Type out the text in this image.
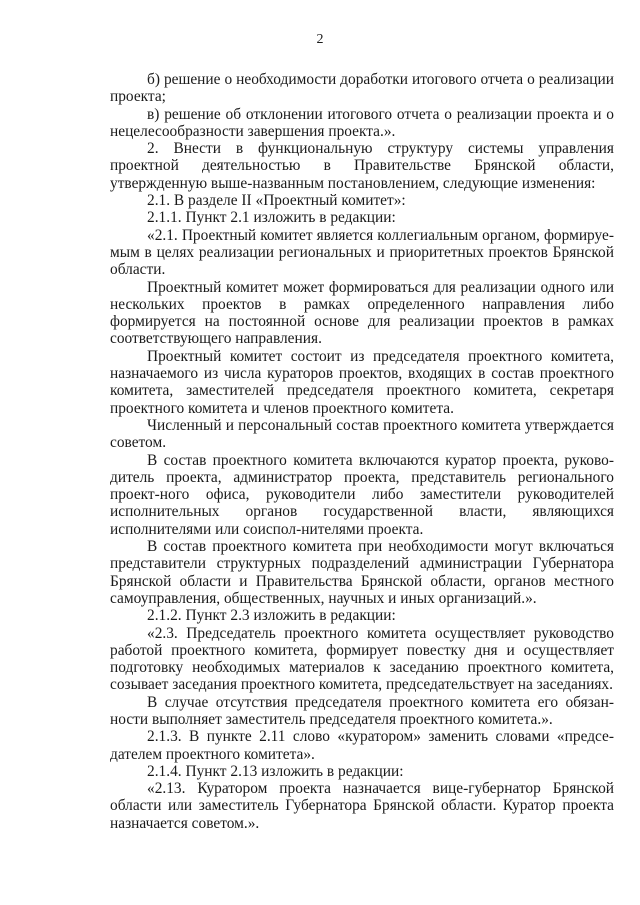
2

б) решение о необходимости доработки итогового отчета о реализации проекта;

в) решение об отклонении итогового отчета о реализации проекта и о нецелесообразности завершения проекта.».

2. Внести в функциональную структуру системы управления проектной деятельностью в Правительстве Брянской области, утвержденную выше-названным постановлением, следующие изменения:

2.1. В разделе II «Проектный комитет»:

2.1.1. Пункт 2.1 изложить в редакции:

«2.1. Проектный комитет является коллегиальным органом, формируе-мым в целях реализации региональных и приоритетных проектов Брянской области.

Проектный комитет может формироваться для реализации одного или нескольких проектов в рамках определенного направления либо формируется на постоянной основе для реализации проектов в рамках соответствующего направления.

Проектный комитет состоит из председателя проектного комитета, назначаемого из числа кураторов проектов, входящих в состав проектного комитета, заместителей председателя проектного комитета, секретаря проектного комитета и членов проектного комитета.

Численный и персональный состав проектного комитета утверждается советом.

В состав проектного комитета включаются куратор проекта, руково-дитель проекта, администратор проекта, представитель регионального проект-ного офиса, руководители либо заместители руководителей исполнительных органов государственной власти, являющихся исполнителями или соиспол-нителями проекта.

В состав проектного комитета при необходимости могут включаться представители структурных подразделений администрации Губернатора Брянской области и Правительства Брянской области, органов местного самоуправления, общественных, научных и иных организаций.».

2.1.2. Пункт 2.3 изложить в редакции:

«2.3. Председатель проектного комитета осуществляет руководство работой проектного комитета, формирует повестку дня и осуществляет подготовку необходимых материалов к заседанию проектного комитета, созывает заседания проектного комитета, председательствует на заседаниях.

В случае отсутствия председателя проектного комитета его обязан-ности выполняет заместитель председателя проектного комитета.».

2.1.3. В пункте 2.11 слово «куратором» заменить словами «предсе-дателем проектного комитета».

2.1.4. Пункт 2.13 изложить в редакции:

«2.13. Куратором проекта назначается вице-губернатор Брянской области или заместитель Губернатора Брянской области. Куратор проекта назначается советом.».
